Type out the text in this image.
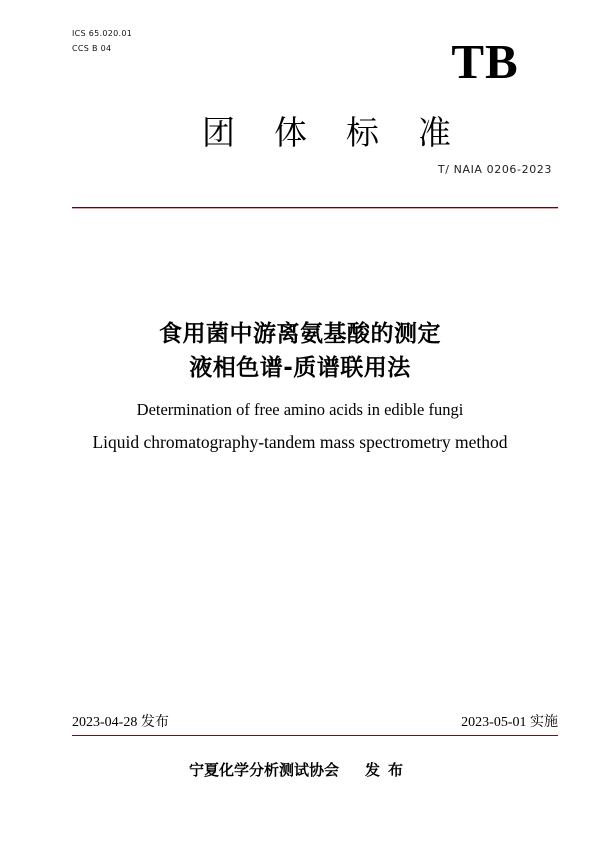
ICS 65.020.01
CCS B 04	TB
团 体 标 准
T/ NAIA 0206-2023
食用菌中游离氨基酸的测定
液相色谱-质谱联用法
Determination of free amino acids in edible fungi
Liquid chromatography-tandem mass spectrometry method
2023-04-28 发布	2023-05-01 实施
宁夏化学分析测试协会 发布
